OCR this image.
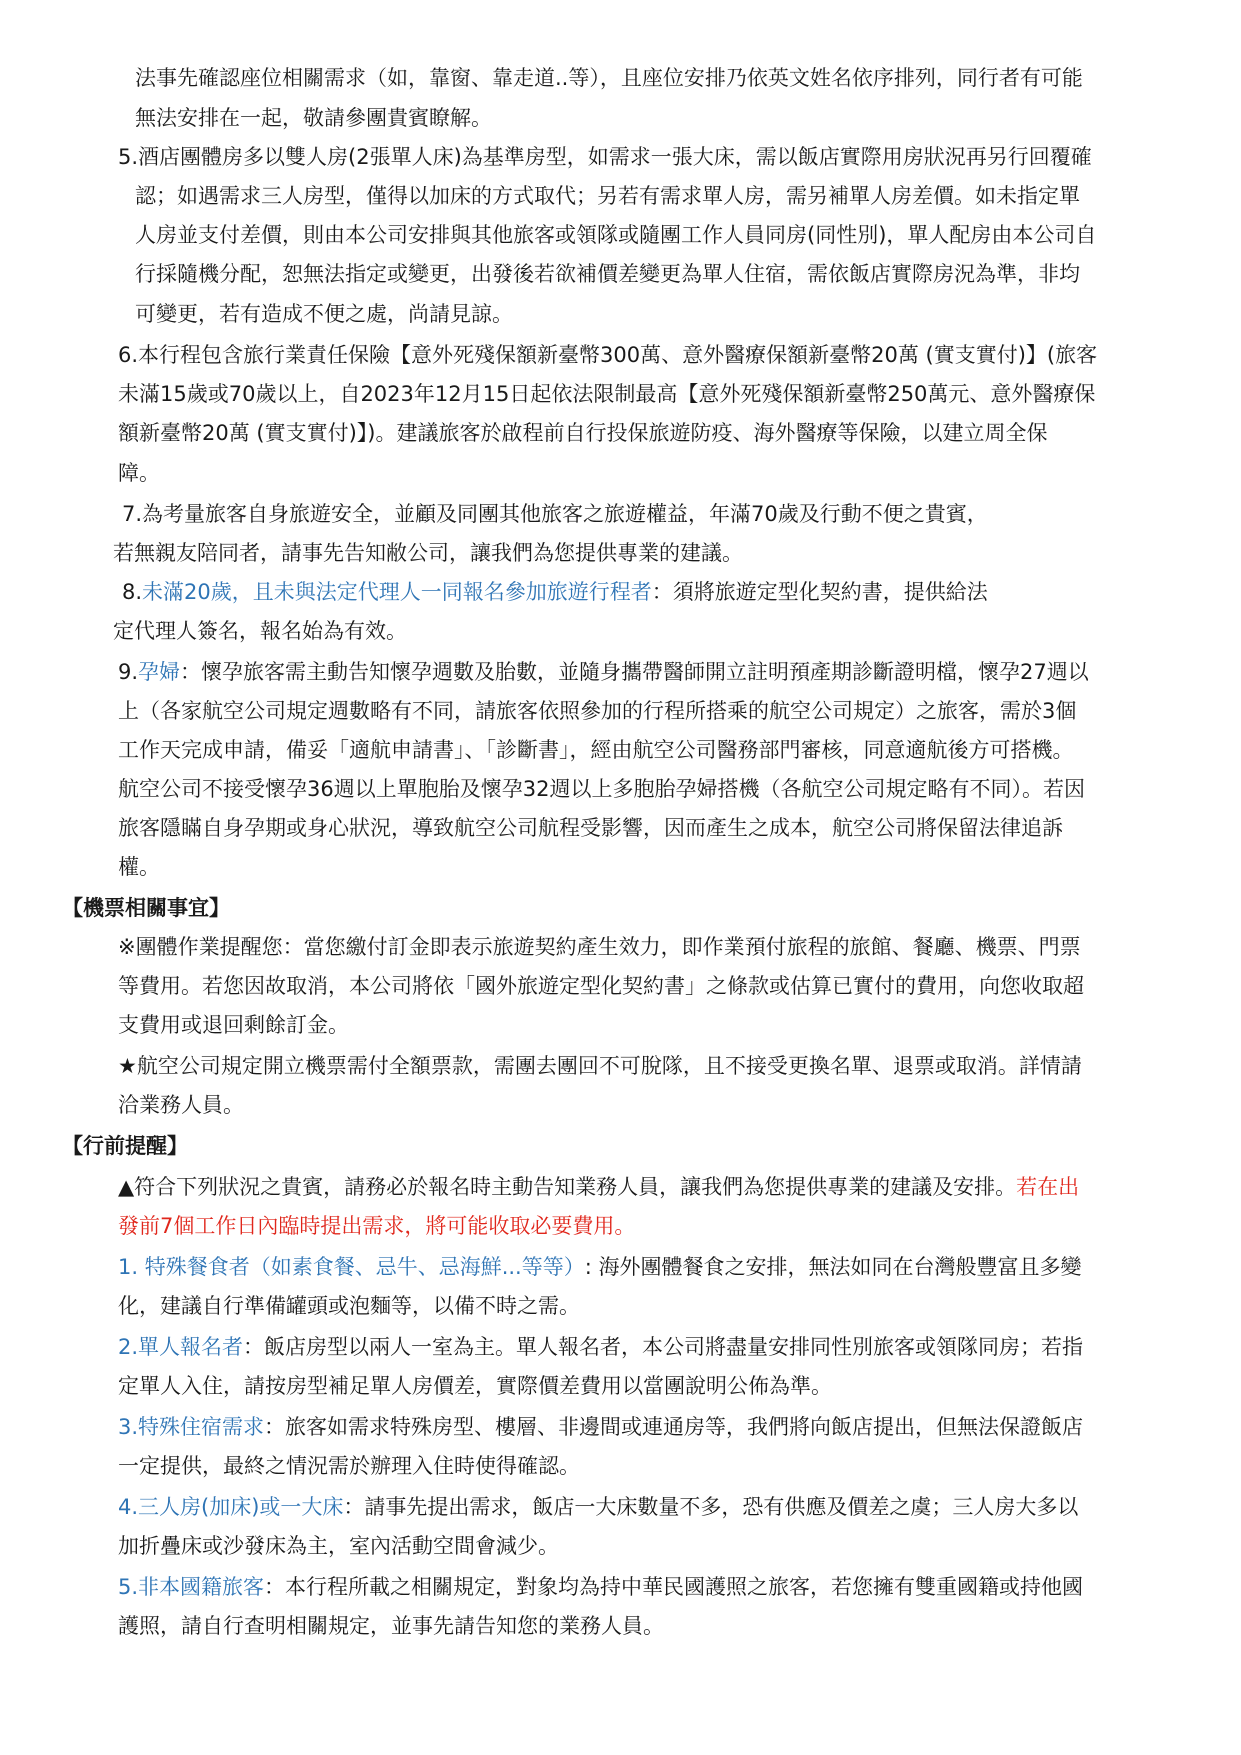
法事先確認座位相關需求（如，靠窗、靠走道..等），且座位安排乃依英文姓名依序排列，同行者有可能
無法安排在一起，敬請參團貴賓瞭解。
5.酒店團體房多以雙人房(2張單人床)為基準房型，如需求一張大床，需以飯店實際用房狀況再另行回覆確
認；如遇需求三人房型，僅得以加床的方式取代；另若有需求單人房，需另補單人房差價。如未指定單
人房並支付差價，則由本公司安排與其他旅客或領隊或隨團工作人員同房(同性別)，單人配房由本公司自
行採隨機分配，恕無法指定或變更，出發後若欲補價差變更為單人住宿，需依飯店實際房況為準，非均
可變更，若有造成不便之處，尚請見諒。
6.本行程包含旅行業責任保險【意外死殘保額新臺幣300萬、意外醫療保額新臺幣20萬 (實支實付)】(旅客
未滿15歲或70歲以上，自2023年12月15日起依法限制最高【意外死殘保額新臺幣250萬元、意外醫療保
額新臺幣20萬 (實支實付)】)。建議旅客於啟程前自行投保旅遊防疫、海外醫療等保險，以建立周全保
障。
7.為考量旅客自身旅遊安全，並顧及同團其他旅客之旅遊權益，年滿70歲及行動不便之貴賓，
若無親友陪同者，請事先告知敝公司，讓我們為您提供專業的建議。
8.未滿20歲，且未與法定代理人一同報名參加旅遊行程者：須將旅遊定型化契約書，提供給法
定代理人簽名，報名始為有效。
9.孕婦：懷孕旅客需主動告知懷孕週數及胎數，並隨身攜帶醫師開立註明預產期診斷證明檔，懷孕27週以
上（各家航空公司規定週數略有不同，請旅客依照參加的行程所搭乘的航空公司規定）之旅客，需於3個
工作天完成申請，備妥「適航申請書」、「診斷書」，經由航空公司醫務部門審核，同意適航後方可搭機。
航空公司不接受懷孕36週以上單胞胎及懷孕32週以上多胞胎孕婦搭機（各航空公司規定略有不同）。若因
旅客隱瞞自身孕期或身心狀況，導致航空公司航程受影響，因而產生之成本，航空公司將保留法律追訴
權。
【機票相關事宜】
※團體作業提醒您：當您繳付訂金即表示旅遊契約產生效力，即作業預付旅程的旅館、餐廳、機票、門票
等費用。若您因故取消，本公司將依「國外旅遊定型化契約書」之條款或估算已實付的費用，向您收取超
支費用或退回剩餘訂金。
★航空公司規定開立機票需付全額票款，需團去團回不可脫隊，且不接受更換名單、退票或取消。詳情請
洽業務人員。
【行前提醒】
▲符合下列狀況之貴賓，請務必於報名時主動告知業務人員，讓我們為您提供專業的建議及安排。若在出
發前7個工作日內臨時提出需求，將可能收取必要費用。
1. 特殊餐食者（如素食餐、忌牛、忌海鮮...等等）: 海外團體餐食之安排，無法如同在台灣般豐富且多變
化，建議自行準備罐頭或泡麵等，以備不時之需。
2.單人報名者：飯店房型以兩人一室為主。單人報名者，本公司將盡量安排同性別旅客或領隊同房；若指
定單人入住，請按房型補足單人房價差，實際價差費用以當團說明公佈為準。
3.特殊住宿需求：旅客如需求特殊房型、樓層、非邊間或連通房等，我們將向飯店提出，但無法保證飯店
一定提供，最終之情況需於辦理入住時使得確認。
4.三人房(加床)或一大床：請事先提出需求，飯店一大床數量不多，恐有供應及價差之虞；三人房大多以
加折疊床或沙發床為主，室內活動空間會減少。
5.非本國籍旅客：本行程所載之相關規定，對象均為持中華民國護照之旅客，若您擁有雙重國籍或持他國
護照，請自行查明相關規定，並事先請告知您的業務人員。
